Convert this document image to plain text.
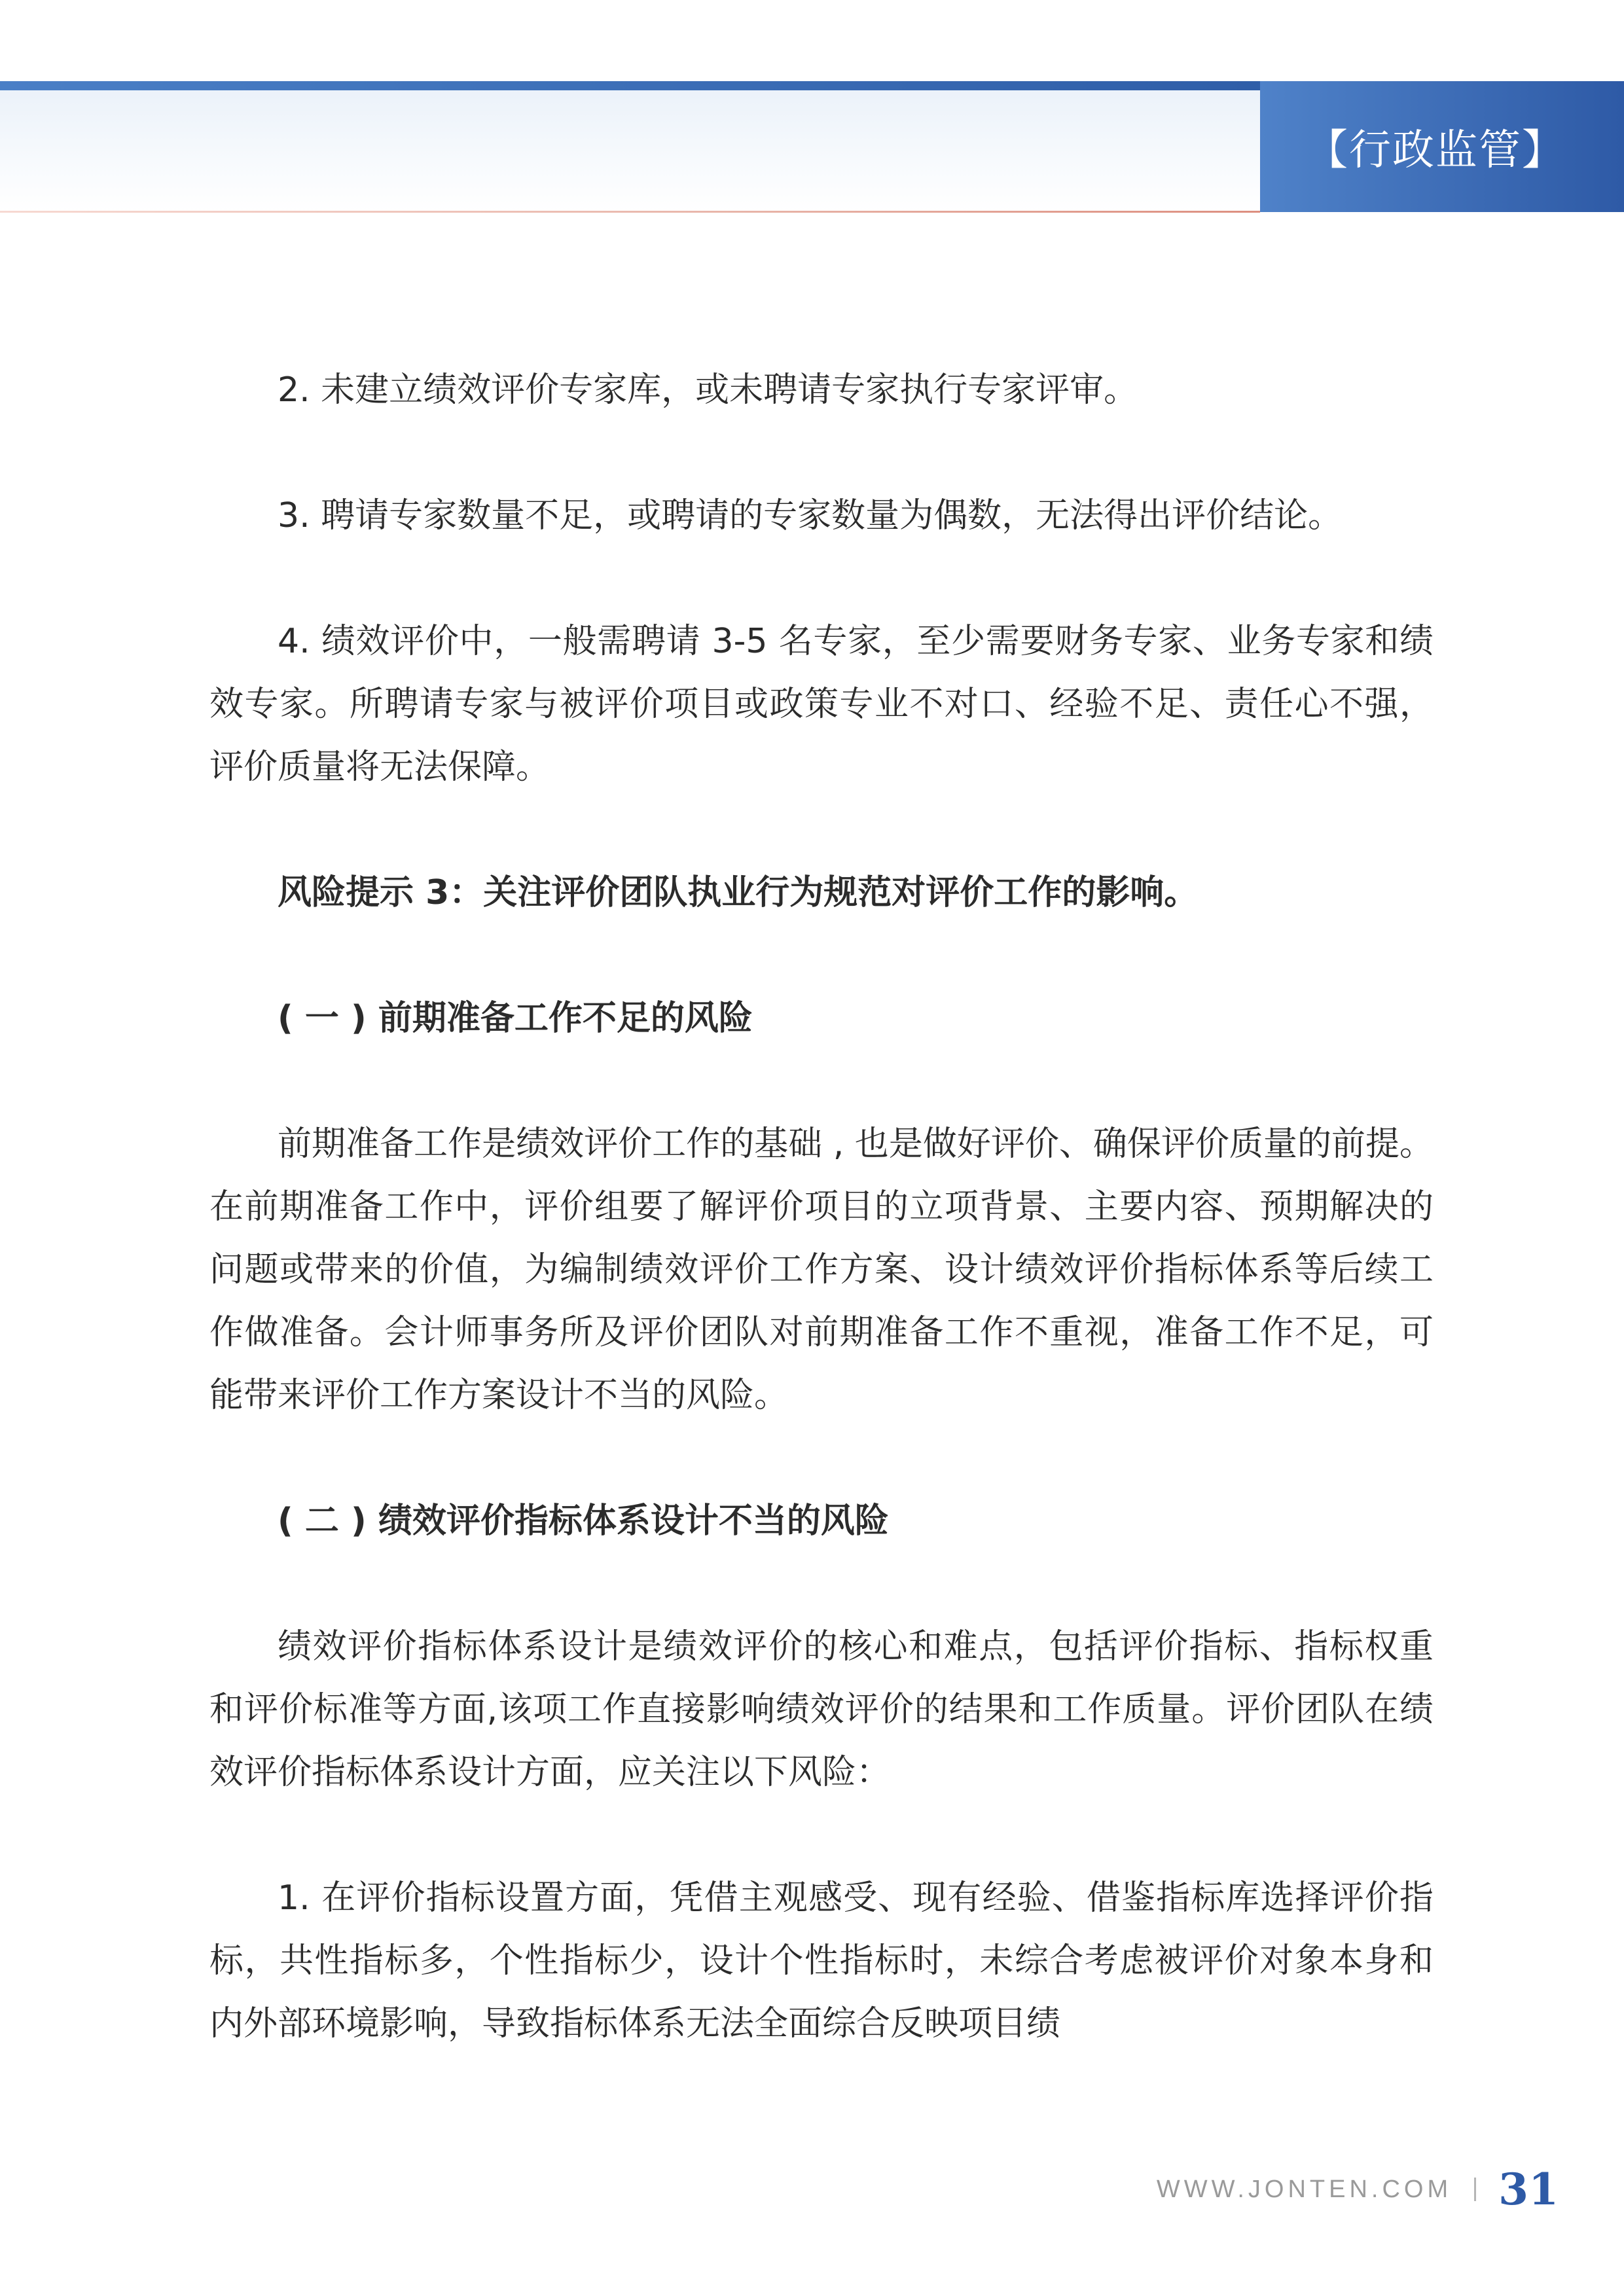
【行政监管】

2. 未建立绩效评价专家库，或未聘请专家执行专家评审。

3. 聘请专家数量不足，或聘请的专家数量为偶数，无法得出评价结论。

4. 绩效评价中，一般需聘请 3-5 名专家，至少需要财务专家、业务专家和绩效专家。所聘请专家与被评价项目或政策专业不对口、经验不足、责任心不强，评价质量将无法保障。

风险提示 3：关注评价团队执业行为规范对评价工作的影响。

( 一 ) 前期准备工作不足的风险

前期准备工作是绩效评价工作的基础 , 也是做好评价、确保评价质量的前提。在前期准备工作中，评价组要了解评价项目的立项背景、主要内容、预期解决的问题或带来的价值，为编制绩效评价工作方案、设计绩效评价指标体系等后续工作做准备。会计师事务所及评价团队对前期准备工作不重视，准备工作不足，可能带来评价工作方案设计不当的风险。

( 二 ) 绩效评价指标体系设计不当的风险

绩效评价指标体系设计是绩效评价的核心和难点，包括评价指标、指标权重和评价标准等方面,该项工作直接影响绩效评价的结果和工作质量。评价团队在绩效评价指标体系设计方面，应关注以下风险：

1. 在评价指标设置方面，凭借主观感受、现有经验、借鉴指标库选择评价指标，共性指标多，个性指标少，设计个性指标时，未综合考虑被评价对象本身和内外部环境影响，导致指标体系无法全面综合反映项目绩

WWW.JONTEN.COM 31
